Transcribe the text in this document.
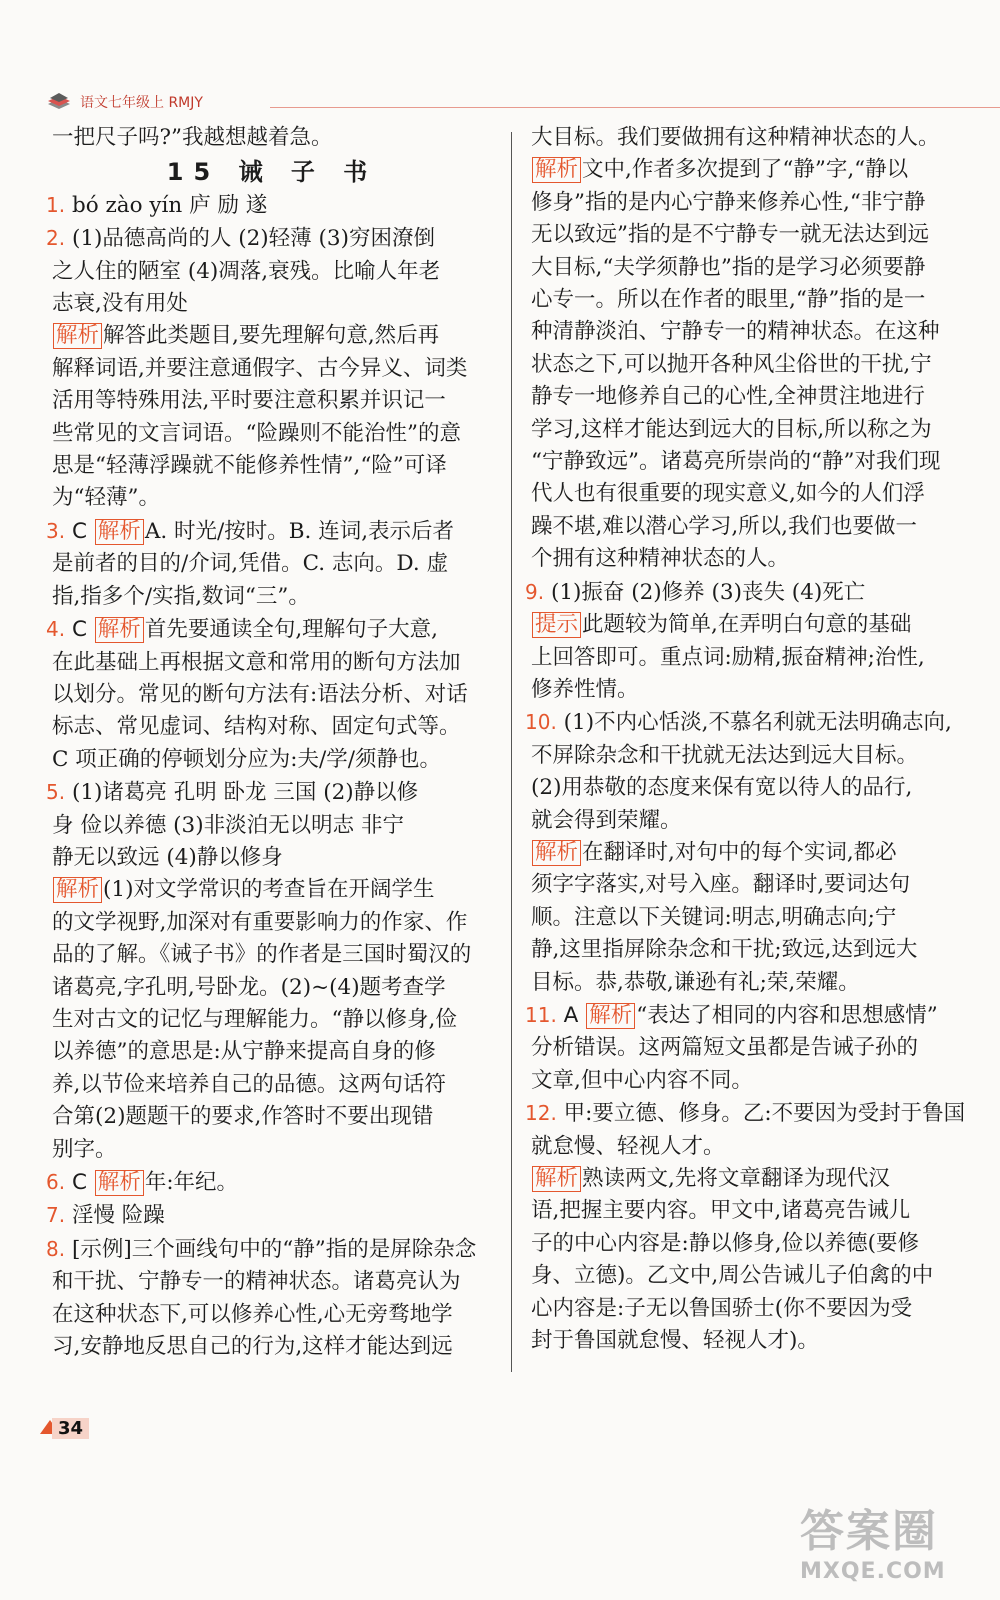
语文七年级上 RMJY
一把尺子吗?”我越想越着急。
15 诫 子 书
1. bó zào yín 庐 励 遂
2. (1)品德高尚的人 (2)轻薄 (3)穷困潦倒
之人住的陋室 (4)凋落,衰残。比喻人年老
志衰,没有用处
解析 解答此类题目,要先理解句意,然后再
解释词语,并要注意通假字、古今异义、词类
活用等特殊用法,平时要注意积累并识记一
些常见的文言词语。“险躁则不能治性”的意
思是“轻薄浮躁就不能修养性情”,“险”可译
为“轻薄”。
3. C 解析 A. 时光/按时。B. 连词,表示后者
是前者的目的/介词,凭借。C. 志向。D. 虚
指,指多个/实指,数词“三”。
4. C 解析 首先要通读全句,理解句子大意,
在此基础上再根据文意和常用的断句方法加
以划分。常见的断句方法有:语法分析、对话
标志、常见虚词、结构对称、固定句式等。
C 项正确的停顿划分应为:夫/学/须静也。
5. (1)诸葛亮 孔明 卧龙 三国 (2)静以修
身 俭以养德 (3)非淡泊无以明志 非宁
静无以致远 (4)静以修身
解析 (1)对文学常识的考查旨在开阔学生
的文学视野,加深对有重要影响力的作家、作
品的了解。《诫子书》的作者是三国时蜀汉的
诸葛亮,字孔明,号卧龙。(2)~(4)题考查学
生对古文的记忆与理解能力。“静以修身,俭
以养德”的意思是:从宁静来提高自身的修
养,以节俭来培养自己的品德。这两句话符
合第(2)题题干的要求,作答时不要出现错
别字。
6. C 解析 年:年纪。
7. 淫慢 险躁
8. [示例]三个画线句中的“静”指的是屏除杂念
和干扰、宁静专一的精神状态。诸葛亮认为
在这种状态下,可以修养心性,心无旁骛地学
习,安静地反思自己的行为,这样才能达到远
大目标。我们要做拥有这种精神状态的人。
解析 文中,作者多次提到了“静”字,“静以
修身”指的是内心宁静来修养心性,“非宁静
无以致远”指的是不宁静专一就无法达到远
大目标,“夫学须静也”指的是学习必须要静
心专一。所以在作者的眼里,“静”指的是一
种清静淡泊、宁静专一的精神状态。在这种
状态之下,可以抛开各种风尘俗世的干扰,宁
静专一地修养自己的心性,全神贯注地进行
学习,这样才能达到远大的目标,所以称之为
“宁静致远”。诸葛亮所崇尚的“静”对我们现
代人也有很重要的现实意义,如今的人们浮
躁不堪,难以潜心学习,所以,我们也要做一
个拥有这种精神状态的人。
9. (1)振奋 (2)修养 (3)丧失 (4)死亡
提示 此题较为简单,在弄明白句意的基础
上回答即可。重点词:励精,振奋精神;治性,
修养性情。
10. (1)不内心恬淡,不慕名利就无法明确志向,
不屏除杂念和干扰就无法达到远大目标。
(2)用恭敬的态度来保有宽以待人的品行,
就会得到荣耀。
解析 在翻译时,对句中的每个实词,都必
须字字落实,对号入座。翻译时,要词达句
顺。注意以下关键词:明志,明确志向;宁
静,这里指屏除杂念和干扰;致远,达到远大
目标。恭,恭敬,谦逊有礼;荣,荣耀。
11. A 解析 “表达了相同的内容和思想感情”
分析错误。这两篇短文虽都是告诫子孙的
文章,但中心内容不同。
12. 甲:要立德、修身。乙:不要因为受封于鲁国
就怠慢、轻视人才。
解析 熟读两文,先将文章翻译为现代汉
语,把握主要内容。甲文中,诸葛亮告诫儿
子的中心内容是:静以修身,俭以养德(要修
身、立德)。乙文中,周公告诫儿子伯禽的中
心内容是:子无以鲁国骄士(你不要因为受
封于鲁国就怠慢、轻视人才)。
34
答案圈
MXQE.COM
